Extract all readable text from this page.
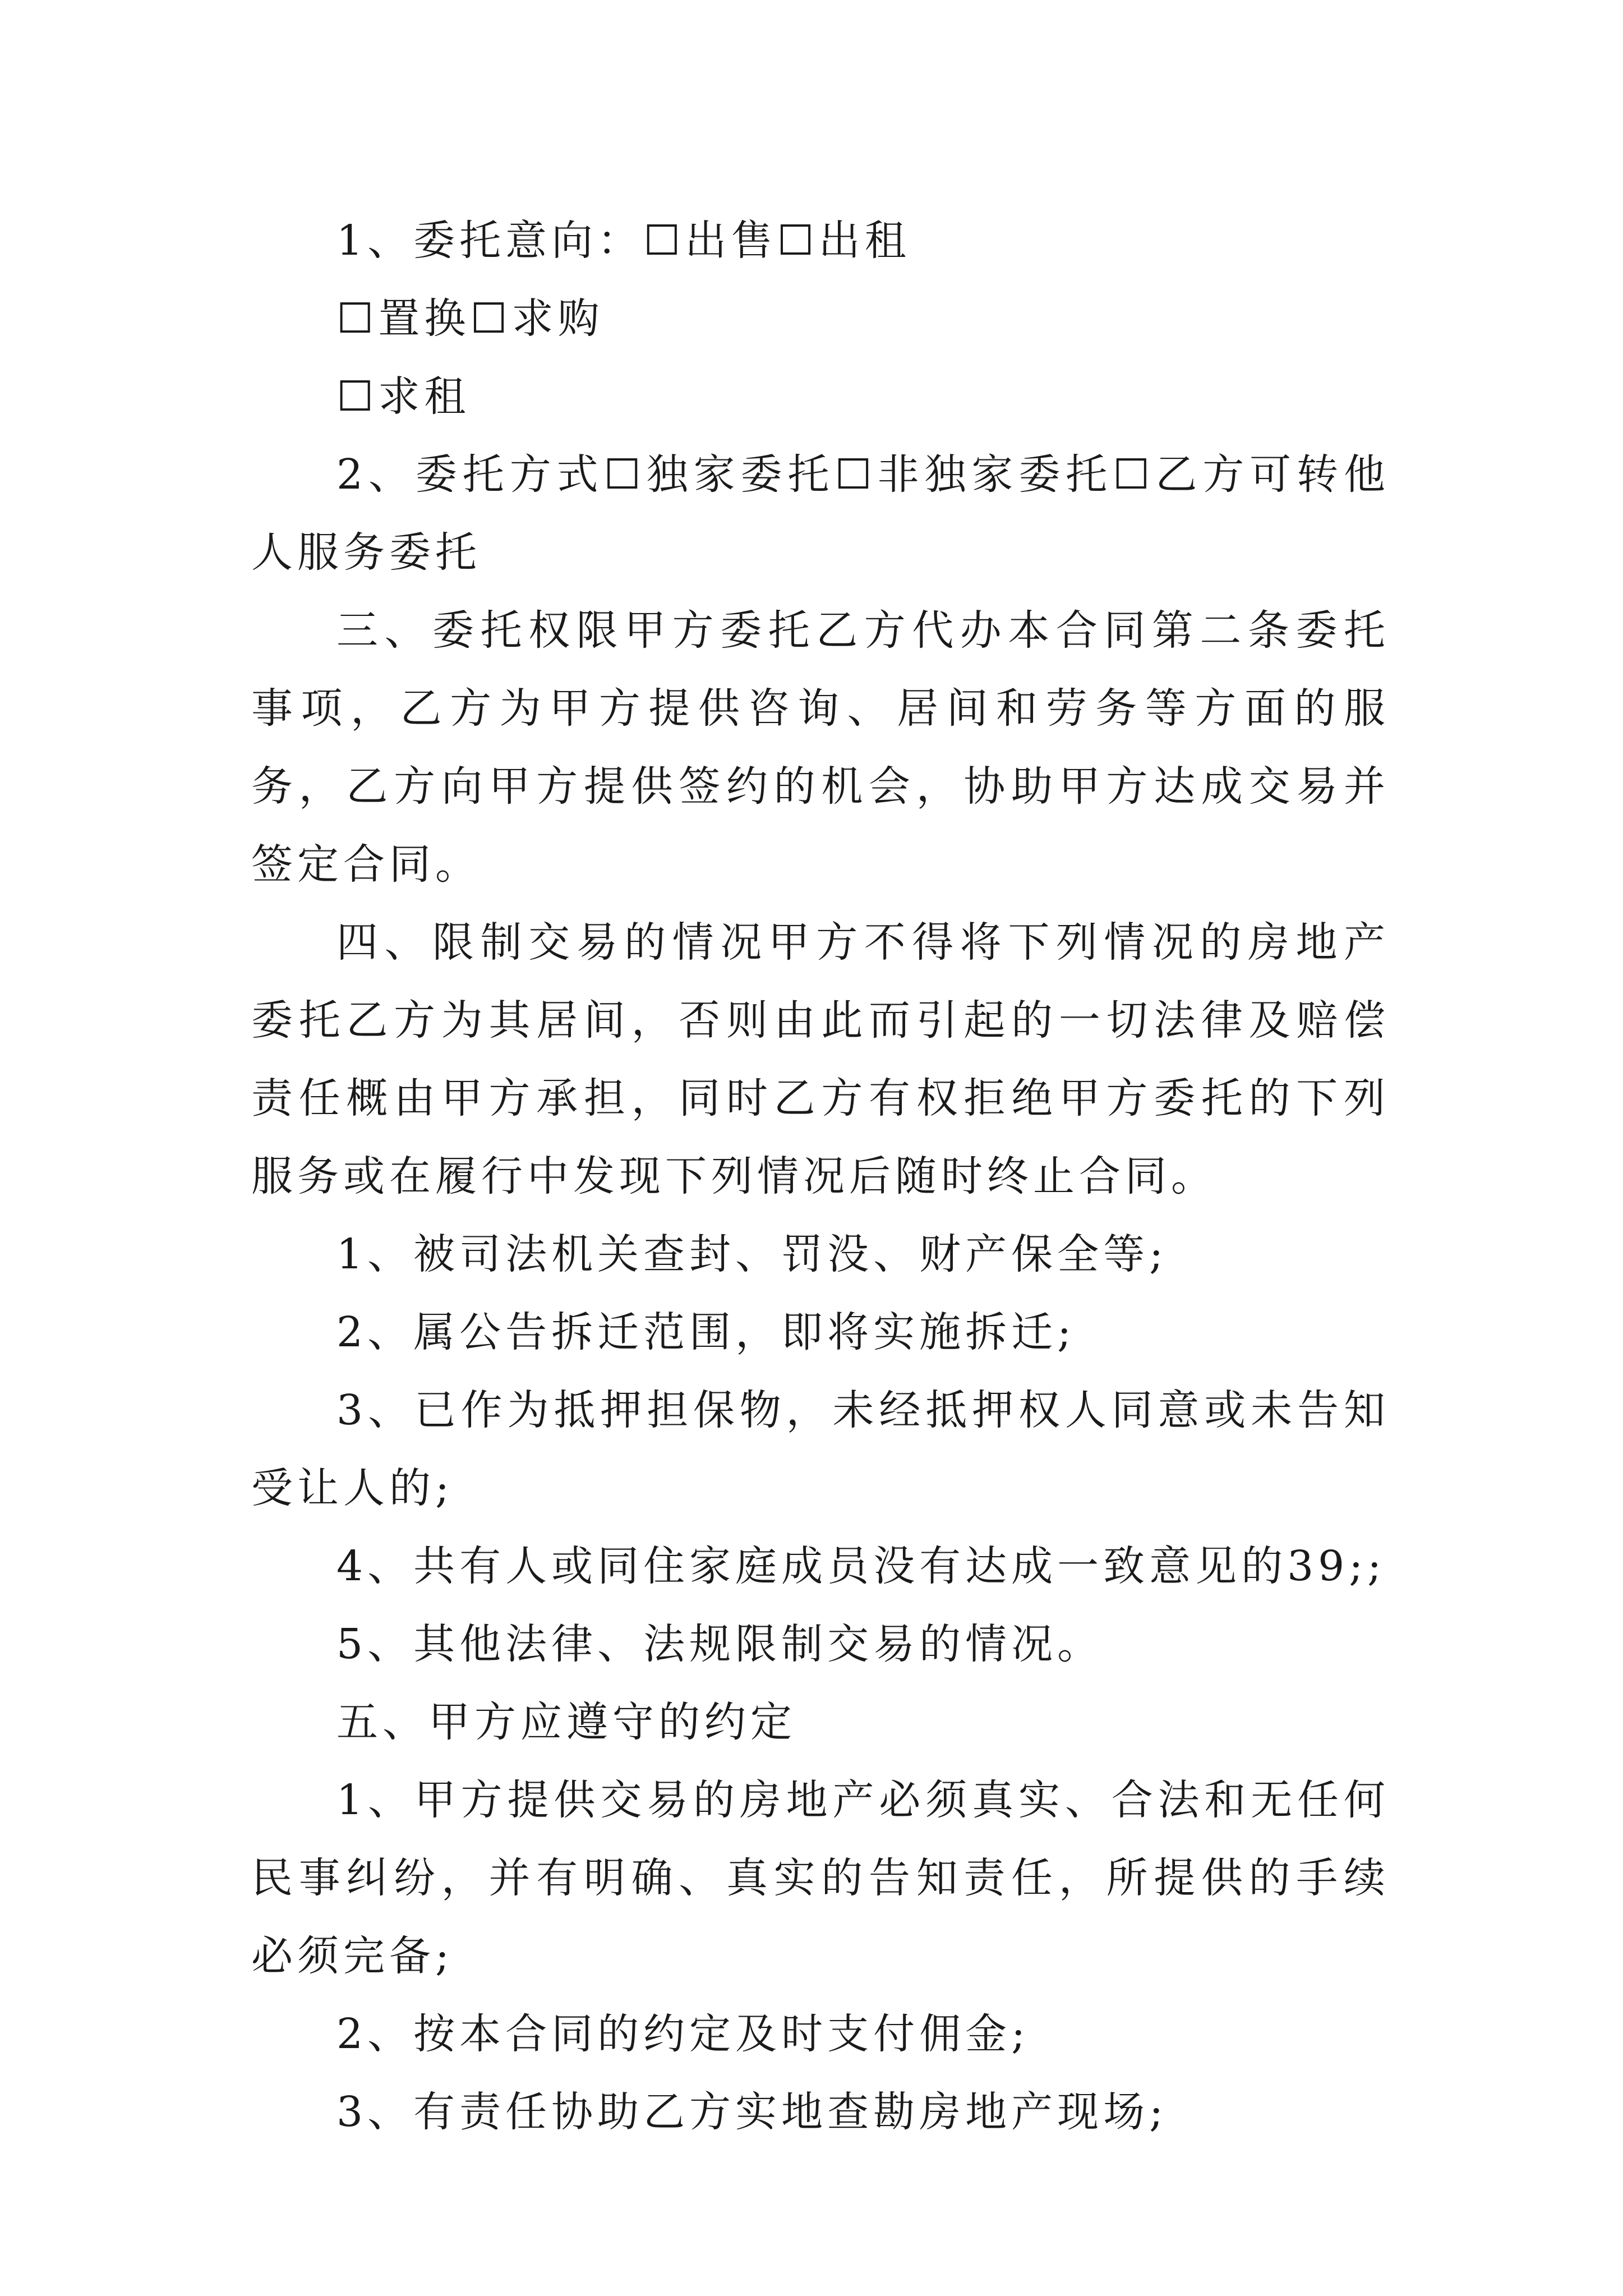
1、委托意向：☐出售☐出租

☐置换☐求购

☐求租

2、委托方式☐独家委托☐非独家委托☐乙方可转他人服务委托

三、委托权限甲方委托乙方代办本合同第二条委托事项，乙方为甲方提供咨询、居间和劳务等方面的服务，乙方向甲方提供签约的机会，协助甲方达成交易并签定合同。

四、限制交易的情况甲方不得将下列情况的房地产委托乙方为其居间，否则由此而引起的一切法律及赔偿责任概由甲方承担，同时乙方有权拒绝甲方委托的下列服务或在履行中发现下列情况后随时终止合同。

1、被司法机关查封、罚没、财产保全等;

2、属公告拆迁范围，即将实施拆迁;

3、已作为抵押担保物，未经抵押权人同意或未告知受让人的;

4、共有人或同住家庭成员没有达成一致意见的39;;

5、其他法律、法规限制交易的情况。

五、甲方应遵守的约定

1、甲方提供交易的房地产必须真实、合法和无任何民事纠纷，并有明确、真实的告知责任，所提供的手续必须完备;

2、按本合同的约定及时支付佣金;

3、有责任协助乙方实地查勘房地产现场;
